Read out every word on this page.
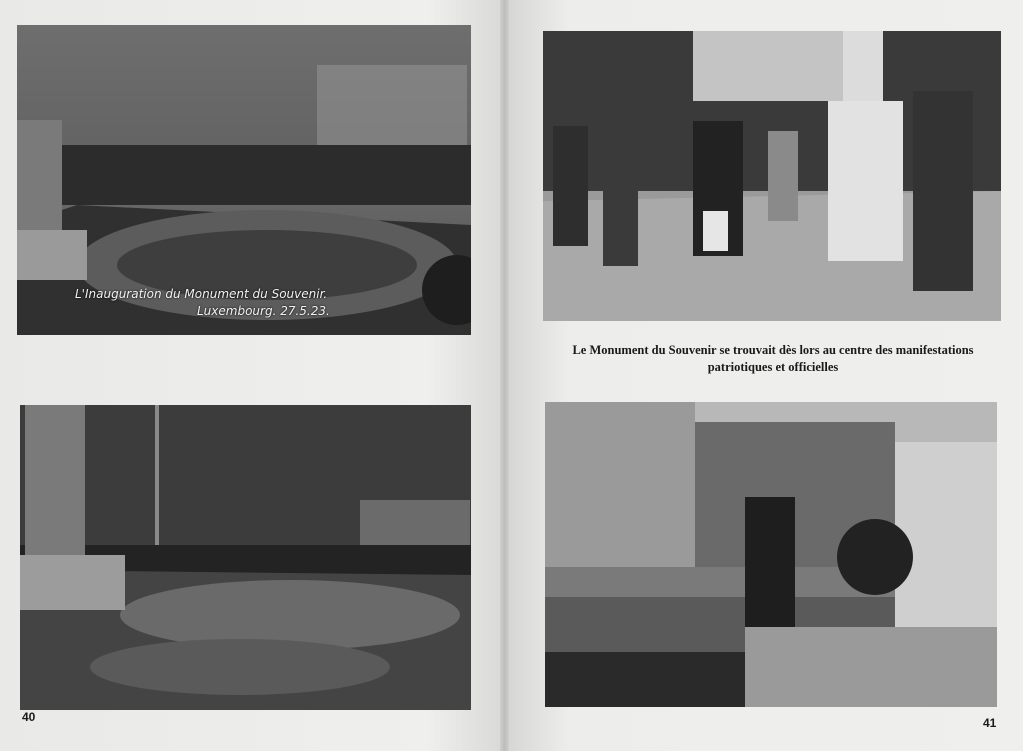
L'Inauguration du Monument du Souvenir.
Luxembourg. 27.5.23.
Le Monument du Souvenir se trouvait dès lors au centre des manifestations
patriotiques et officielles
40	41
